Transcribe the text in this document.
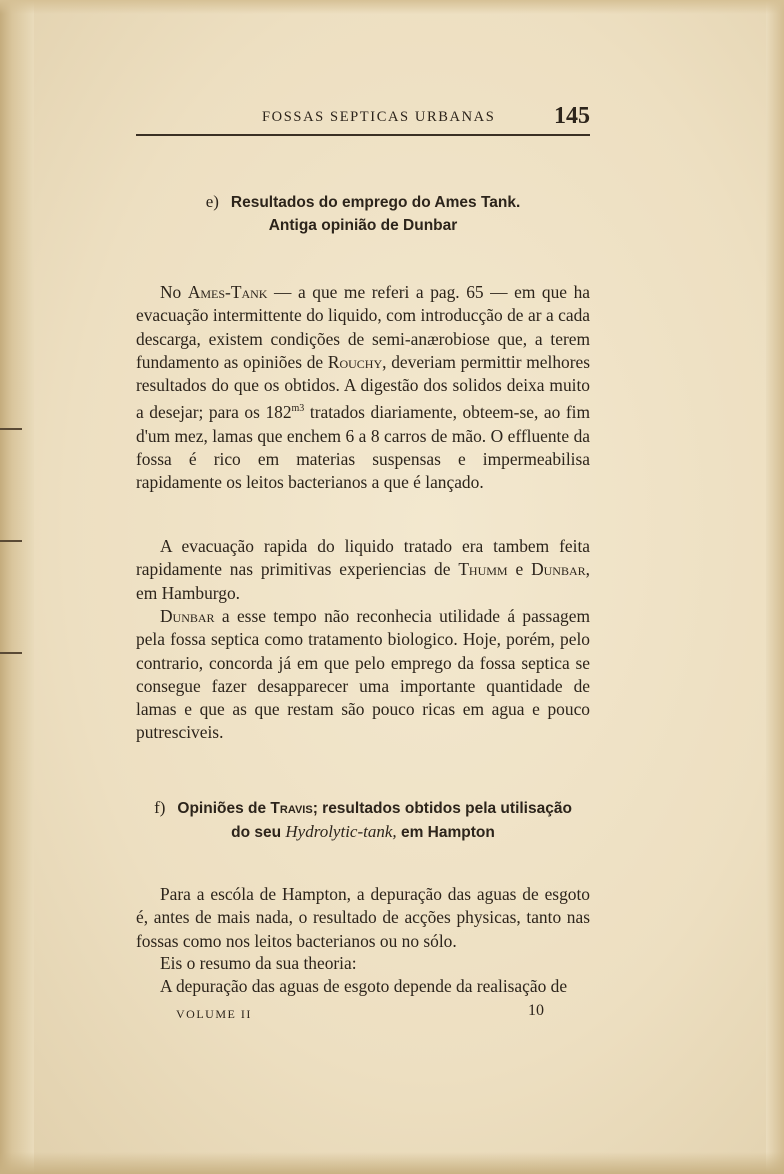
FOSSAS SEPTICAS URBANAS 145
e) Resultados do emprego do Ames Tank.
Antiga opinião de Dunbar

No Ames-Tank — a que me referi a pag. 65 — em que ha evacuação intermittente do liquido, com introducção de ar a cada descarga, existem condições de semi-anærobiose que, a terem fundamento as opiniões de Rouchy, deveriam permittir melhores resultados do que os obtidos. A digestão dos solidos deixa muito a desejar; para os $182^{m3}$ tratados diariamente, obteem-se, ao fim d'um mez, lamas que enchem 6 a 8 carros de mão. O effluente da fossa é rico em materias suspensas e impermeabilisa rapidamente os leitos bacterianos a que é lançado.

A evacuação rapida do liquido tratado era tambem feita rapidamente nas primitivas experiencias de Thumm e Dunbar, em Hamburgo.

Dunbar a esse tempo não reconhecia utilidade á passagem pela fossa septica como tratamento biologico. Hoje, porém, pelo contrario, concorda já em que pelo emprego da fossa septica se consegue fazer desapparecer uma importante quantidade de lamas e que as que restam são pouco ricas em agua e pouco putresciveis.

f) Opiniões de Travis; resultados obtidos pela utilisação
do seu Hydrolytic-tank, em Hampton

Para a escóla de Hampton, a depuração das aguas de esgoto é, antes de mais nada, o resultado de acções physicas, tanto nas fossas como nos leitos bacterianos ou no sólo.

Eis o resumo da sua theoria:

A depuração das aguas de esgoto depende da realisação de

VOLUME II	10
